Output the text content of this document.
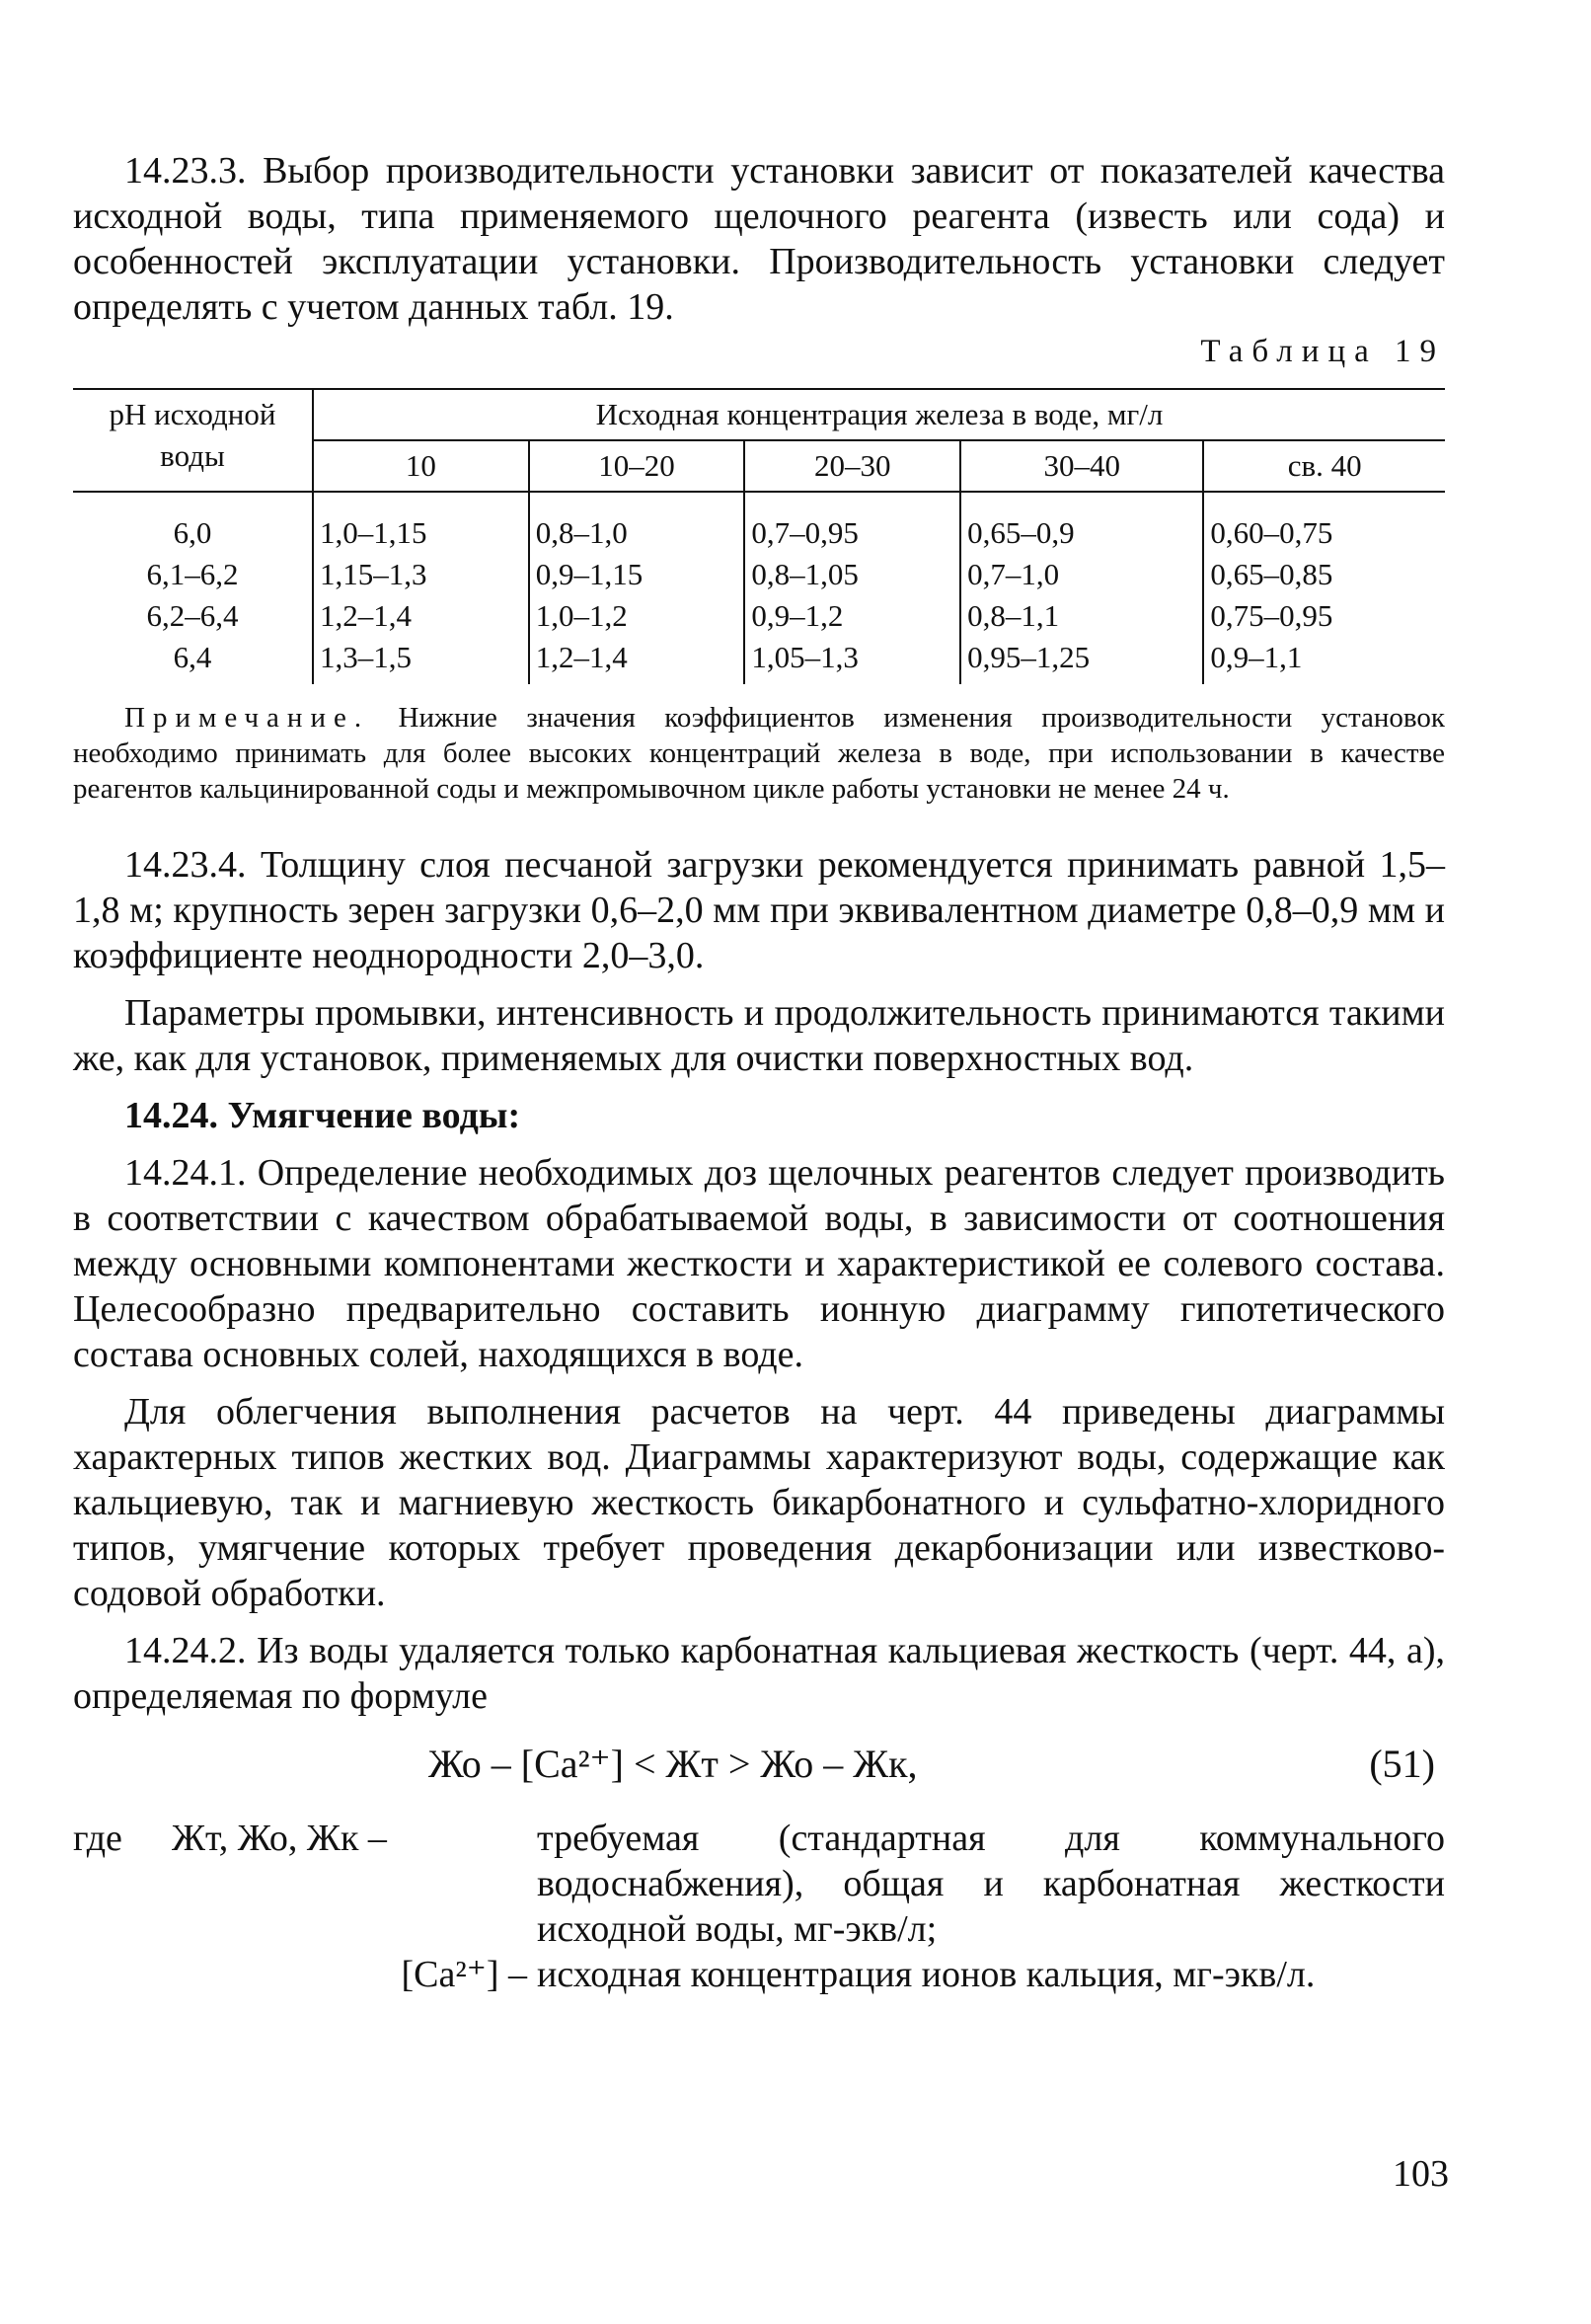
14.23.3. Выбор производительности установки зависит от показателей качества исходной воды, типа применяемого щелочного реагента (известь или сода) и особенностей эксплуатации установки. Производительность установки следует определять с учетом данных табл. 19.

Таблица 19
pH исходной воды	Исходная концентрация железа в воде, мг/л				
	10	10–20	20–30	30–40	св. 40
6,0	1,0–1,15	0,8–1,0	0,7–0,95	0,65–0,9	0,60–0,75
6,1–6,2	1,15–1,3	0,9–1,15	0,8–1,05	0,7–1,0	0,65–0,85
6,2–6,4	1,2–1,4	1,0–1,2	0,9–1,2	0,8–1,1	0,75–0,95
6,4	1,3–1,5	1,2–1,4	1,05–1,3	0,95–1,25	0,9–1,1

Примечание. Нижние значения коэффициентов изменения производительности установок необходимо принимать для более высоких концентраций железа в воде, при использовании в качестве реагентов кальцинированной соды и межпромывочном цикле работы установки не менее 24 ч.

14.23.4. Толщину слоя песчаной загрузки рекомендуется принимать равной 1,5–1,8 м; крупность зерен загрузки 0,6–2,0 мм при эквивалентном диаметре 0,8–0,9 мм и коэффициенте неоднородности 2,0–3,0.

Параметры промывки, интенсивность и продолжительность принимаются такими же, как для установок, применяемых для очистки поверхностных вод.

14.24. Умягчение воды:

14.24.1. Определение необходимых доз щелочных реагентов следует производить в соответствии с качеством обрабатываемой воды, в зависимости от соотношения между основными компонентами жесткости и характеристикой ее солевого состава. Целесообразно предварительно составить ионную диаграмму гипотетического состава основных солей, находящихся в воде.

Для облегчения выполнения расчетов на черт. 44 приведены диаграммы характерных типов жестких вод. Диаграммы характеризуют воды, содержащие как кальциевую, так и магниевую жесткость бикарбонатного и сульфатно-хлоридного типов, умягчение которых требует проведения декарбонизации или известково-содовой обработки.

14.24.2. Из воды удаляется только карбонатная кальциевая жесткость (черт. 44, а), определяемая по формуле

Жо – [Ca²⁺] < Жт > Жо – Жк,	(51)
где Жт, Жо, Жк –	требуемая (стандартная для коммунального водоснабжения), общая и карбонатная жесткости исходной воды, мг-экв/л;
[Ca²⁺] – исходная концентрация ионов кальция, мг-экв/л.
103
